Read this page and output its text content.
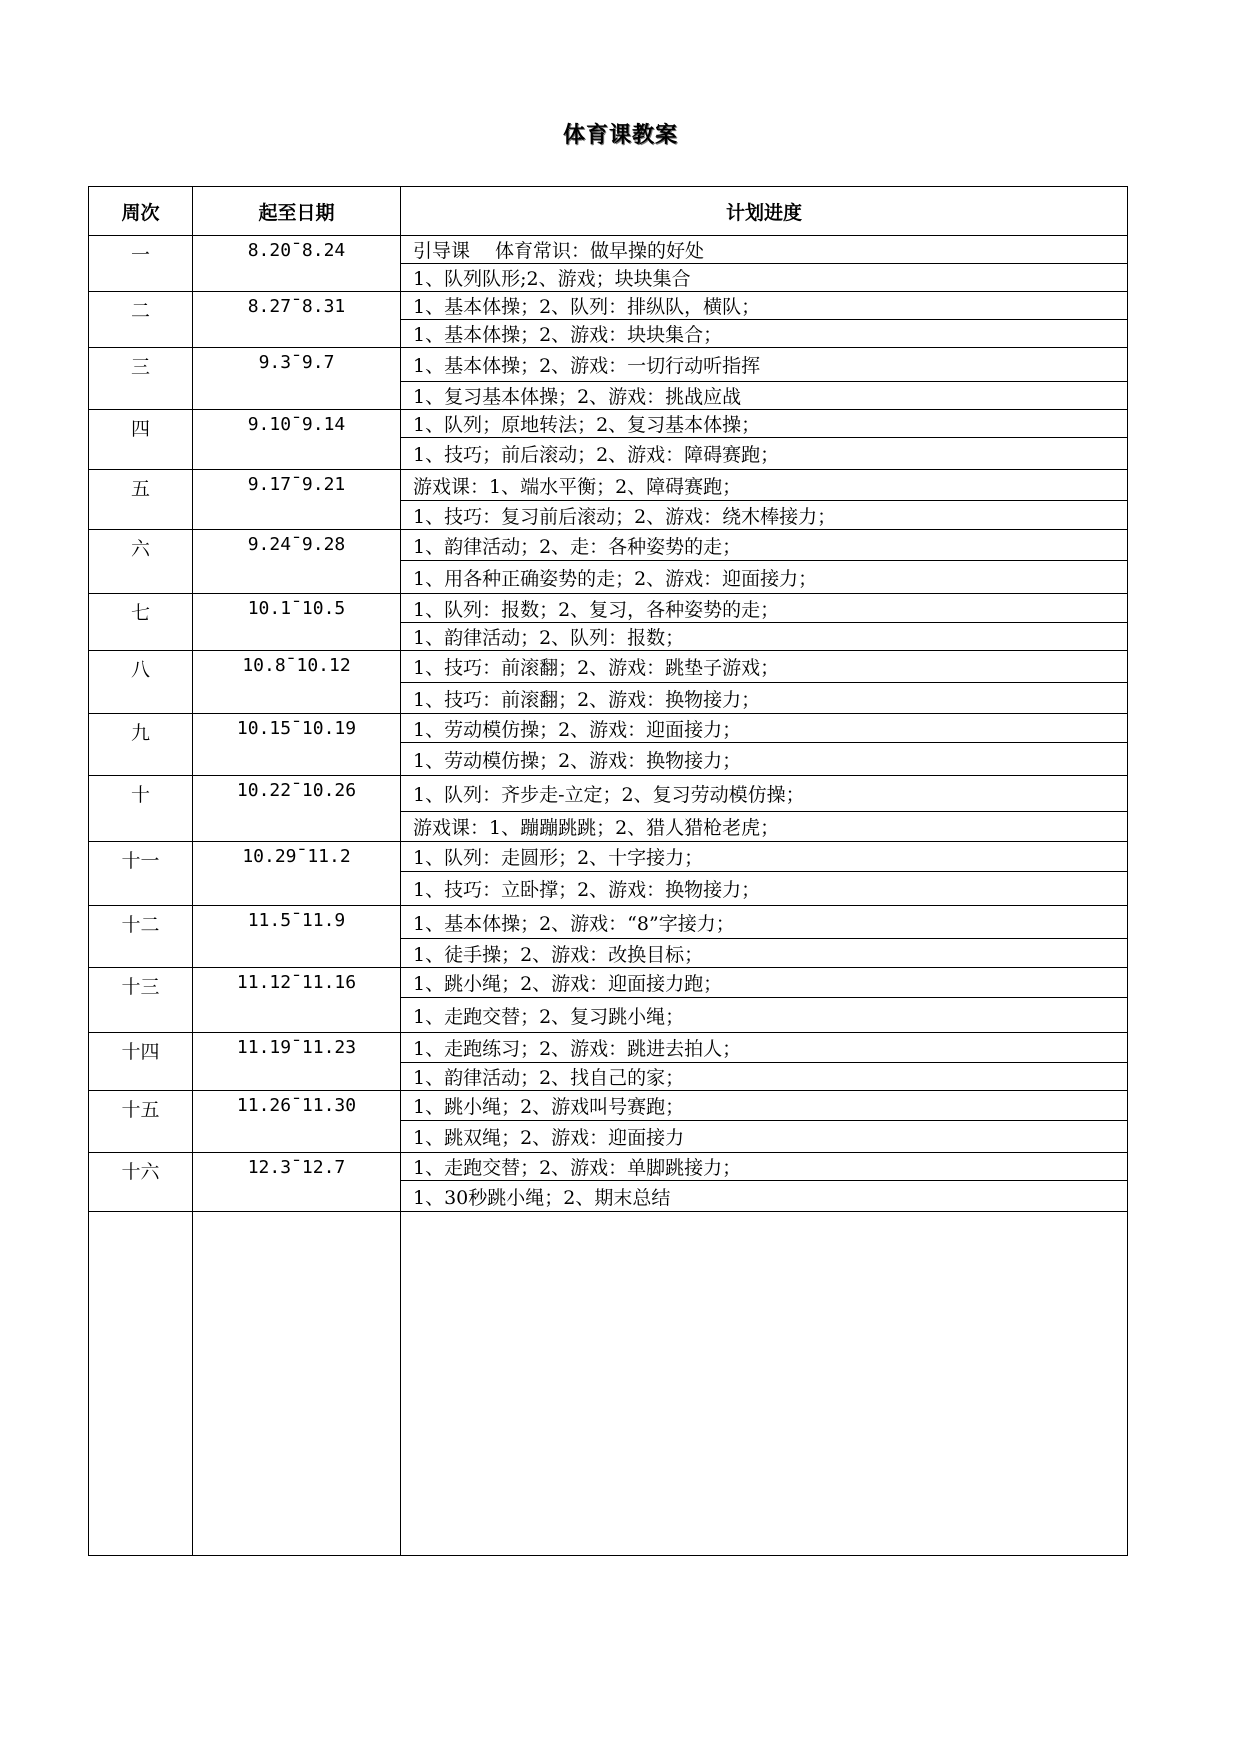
体育课教案
周次	起至日期	计划进度
一	8.20¯8.24	引导课　 体育常识：做早操的好处
		1、队列队形;2、游戏；块块集合
二	8.27¯8.31	1、基本体操；2、队列：排纵队，横队；
		1、基本体操；2、游戏：块块集合；
三	9.3¯9.7	1、基本体操；2、游戏：一切行动听指挥
		1、复习基本体操；2、游戏：挑战应战
四	9.10¯9.14	1、队列；原地转法；2、复习基本体操；
		1、技巧；前后滚动；2、游戏：障碍赛跑；
五	9.17¯9.21	游戏课：1、端水平衡；2、障碍赛跑；
		1、技巧：复习前后滚动；2、游戏：绕木棒接力；
六	9.24¯9.28	1、韵律活动；2、走：各种姿势的走；
		1、用各种正确姿势的走；2、游戏：迎面接力；
七	10.1¯10.5	1、队列：报数；2、复习，各种姿势的走；
		1、韵律活动；2、队列：报数；
八	10.8¯10.12	1、技巧：前滚翻；2、游戏：跳垫子游戏；
		1、技巧：前滚翻；2、游戏：换物接力；
九	10.15¯10.19	1、劳动模仿操；2、游戏：迎面接力；
		1、劳动模仿操；2、游戏：换物接力；
十	10.22¯10.26	1、队列：齐步走-立定；2、复习劳动模仿操；
		游戏课：1、蹦蹦跳跳；2、猎人猎枪老虎；
十一	10.29¯11.2	1、队列：走圆形；2、十字接力；
		1、技巧：立卧撑；2、游戏：换物接力；
十二	11.5¯11.9	1、基本体操；2、游戏：“8”字接力；
		1、徒手操；2、游戏：改换目标；
十三	11.12¯11.16	1、跳小绳；2、游戏：迎面接力跑；
		1、走跑交替；2、复习跳小绳；
十四	11.19¯11.23	1、走跑练习；2、游戏：跳进去拍人；
		1、韵律活动；2、找自己的家；
十五	11.26¯11.30	1、跳小绳；2、游戏叫号赛跑；
		1、跳双绳；2、游戏：迎面接力
十六	12.3¯12.7	1、走跑交替；2、游戏：单脚跳接力；
		1、30秒跳小绳；2、期末总结
